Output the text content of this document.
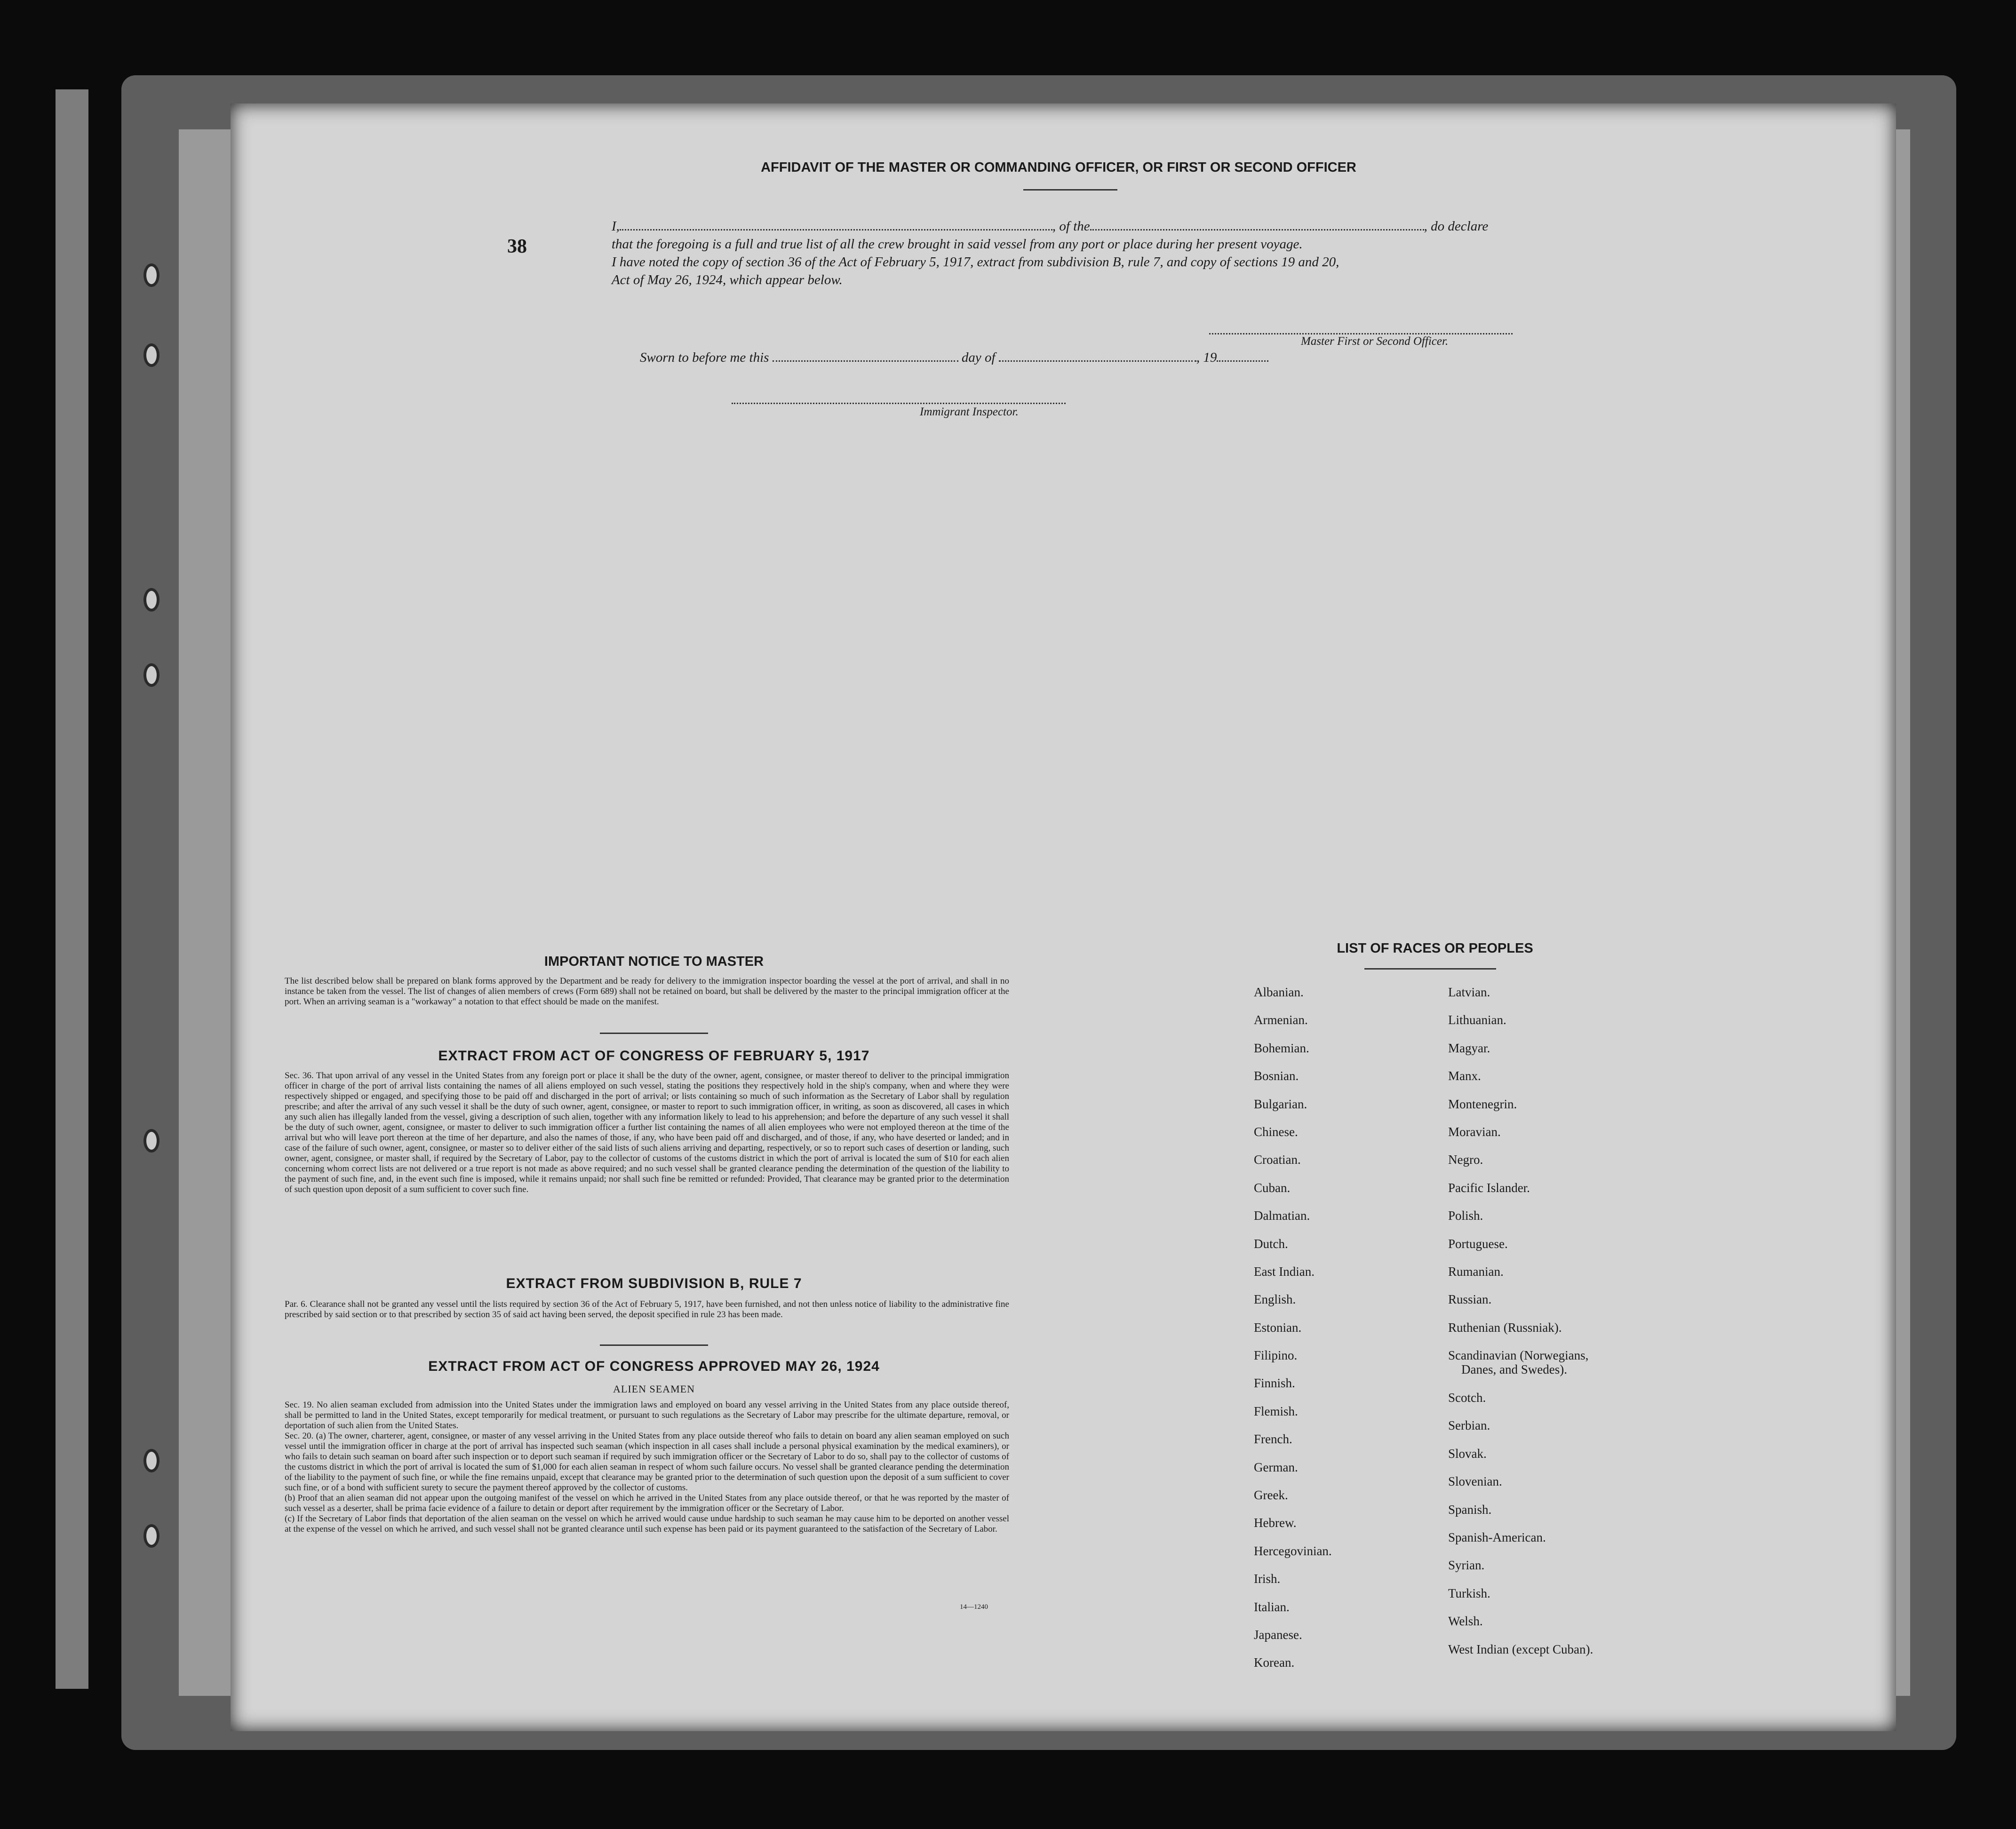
38
AFFIDAVIT OF THE MASTER OR COMMANDING OFFICER, OR FIRST OR SECOND OFFICER
I,	, of the	, do declare
that the foregoing is a full and true list of all the crew brought in said vessel from any port or place during her present voyage.
I have noted the copy of section 36 of the Act of February 5, 1917, extract from subdivision B, rule 7, and copy of sections 19 and 20,
Act of May 26, 1924, which appear below.
Master First or Second Officer.
Sworn to before me this	day of	, 19
Immigrant Inspector.
IMPORTANT NOTICE TO MASTER
The list described below shall be prepared on blank forms approved by the Department and be ready for delivery to the immigration inspector boarding the vessel at the port of arrival, and shall in no instance be taken from the vessel. The list of changes of alien members of crews (Form 689) shall not be retained on board, but shall be delivered by the master to the principal immigration officer at the port. When an arriving seaman is a "workaway" a notation to that effect should be made on the manifest.
EXTRACT FROM ACT OF CONGRESS OF FEBRUARY 5, 1917
Sec. 36. That upon arrival of any vessel in the United States from any foreign port or place it shall be the duty of the owner, agent, consignee, or master thereof to deliver to the principal immigration officer in charge of the port of arrival lists containing the names of all aliens employed on such vessel, stating the positions they respectively hold in the ship's company, when and where they were respectively shipped or engaged, and specifying those to be paid off and discharged in the port of arrival; or lists containing so much of such information as the Secretary of Labor shall by regulation prescribe; and after the arrival of any such vessel it shall be the duty of such owner, agent, consignee, or master to report to such immigration officer, in writing, as soon as discovered, all cases in which any such alien has illegally landed from the vessel, giving a description of such alien, together with any information likely to lead to his apprehension; and before the departure of any such vessel it shall be the duty of such owner, agent, consignee, or master to deliver to such immigration officer a further list containing the names of all alien employees who were not employed thereon at the time of the arrival but who will leave port thereon at the time of her departure, and also the names of those, if any, who have been paid off and discharged, and of those, if any, who have deserted or landed; and in case of the failure of such owner, agent, consignee, or master so to deliver either of the said lists of such aliens arriving and departing, respectively, or so to report such cases of desertion or landing, such owner, agent, consignee, or master shall, if required by the Secretary of Labor, pay to the collector of customs of the customs district in which the port of arrival is located the sum of $10 for each alien concerning whom correct lists are not delivered or a true report is not made as above required; and no such vessel shall be granted clearance pending the determination of the question of the liability to the payment of such fine, and, in the event such fine is imposed, while it remains unpaid; nor shall such fine be remitted or refunded: Provided, That clearance may be granted prior to the determination of such question upon deposit of a sum sufficient to cover such fine.
EXTRACT FROM SUBDIVISION B, RULE 7
Par. 6. Clearance shall not be granted any vessel until the lists required by section 36 of the Act of February 5, 1917, have been furnished, and not then unless notice of liability to the administrative fine prescribed by said section or to that prescribed by section 35 of said act having been served, the deposit specified in rule 23 has been made.
EXTRACT FROM ACT OF CONGRESS APPROVED MAY 26, 1924
ALIEN SEAMEN
Sec. 19. No alien seaman excluded from admission into the United States under the immigration laws and employed on board any vessel arriving in the United States from any place outside thereof, shall be permitted to land in the United States, except temporarily for medical treatment, or pursuant to such regulations as the Secretary of Labor may prescribe for the ultimate departure, removal, or deportation of such alien from the United States.
Sec. 20. (a) The owner, charterer, agent, consignee, or master of any vessel arriving in the United States from any place outside thereof who fails to detain on board any alien seaman employed on such vessel until the immigration officer in charge at the port of arrival has inspected such seaman (which inspection in all cases shall include a personal physical examination by the medical examiners), or who fails to detain such seaman on board after such inspection or to deport such seaman if required by such immigration officer or the Secretary of Labor to do so, shall pay to the collector of customs of the customs district in which the port of arrival is located the sum of $1,000 for each alien seaman in respect of whom such failure occurs. No vessel shall be granted clearance pending the determination of the liability to the payment of such fine, or while the fine remains unpaid, except that clearance may be granted prior to the determination of such question upon the deposit of a sum sufficient to cover such fine, or of a bond with sufficient surety to secure the payment thereof approved by the collector of customs.
(b) Proof that an alien seaman did not appear upon the outgoing manifest of the vessel on which he arrived in the United States from any place outside thereof, or that he was reported by the master of such vessel as a deserter, shall be prima facie evidence of a failure to detain or deport after requirement by the immigration officer or the Secretary of Labor.
(c) If the Secretary of Labor finds that deportation of the alien seaman on the vessel on which he arrived would cause undue hardship to such seaman he may cause him to be deported on another vessel at the expense of the vessel on which he arrived, and such vessel shall not be granted clearance until such expense has been paid or its payment guaranteed to the satisfaction of the Secretary of Labor.
14—1240
LIST OF RACES OR PEOPLES
Albanian.
Armenian.
Bohemian.
Bosnian.
Bulgarian.
Chinese.
Croatian.
Cuban.
Dalmatian.
Dutch.
East Indian.
English.
Estonian.
Filipino.
Finnish.
Flemish.
French.
German.
Greek.
Hebrew.
Hercegovinian.
Irish.
Italian.
Japanese.
Korean.
Latvian.
Lithuanian.
Magyar.
Manx.
Montenegrin.
Moravian.
Negro.
Pacific Islander.
Polish.
Portuguese.
Rumanian.
Russian.
Ruthenian (Russniak).
Scandinavian (Norwegians,
Danes, and Swedes).
Scotch.
Serbian.
Slovak.
Slovenian.
Spanish.
Spanish-American.
Syrian.
Turkish.
Welsh.
West Indian (except Cuban).
